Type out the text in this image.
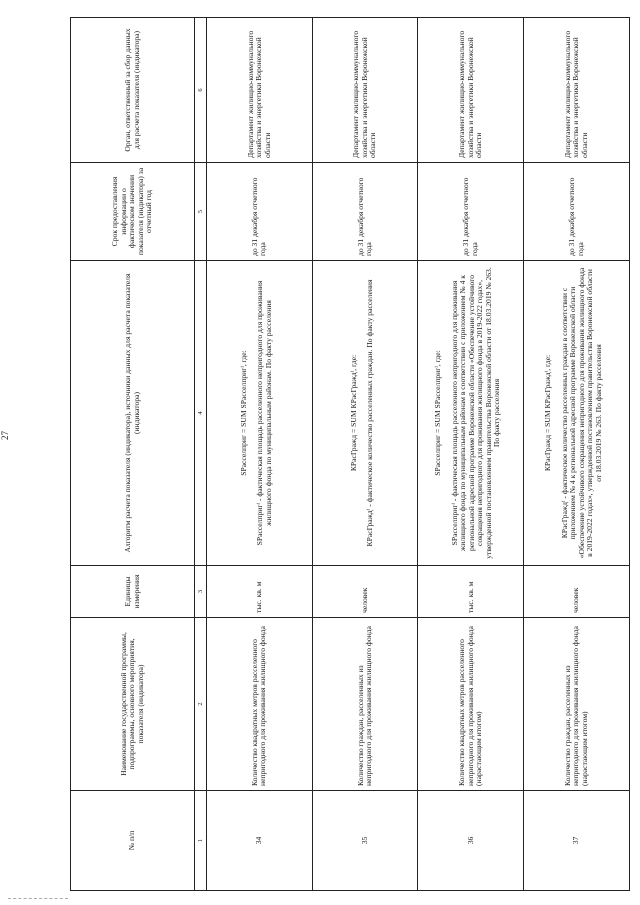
27
№ п/п	Наименование государственной программы, подпрограммы, основного мероприятия, показателя (индикатора)	Единицы измерения	Алгоритм расчета показателя (индикатора), источники данных для расчета показателя (индикатора)	Срок предоставления информации о фактическом значении показателя (индикатора) за отчетный год	Орган, ответственный за сбор данных для расчета показателя (индикатора)
1	2	3	4	5	6
34	Количество квадратных метров расселенного непригодного для проживания жилищного фонда	тыс. кв. м	SРасселприг = SUM SРасселпригⁱ, где: SРасселпригⁱ - фактическая площадь расселенного непригодного для проживания жилищного фонда по муниципальным районам. По факту расселения	до 31 декабря отчетного года	Департамент жилищно-коммунального хозяйства и энергетики Воронежской области
35	Количество граждан, расселенных из непригодного для проживания жилищного фонда	человек	КРасГражд = SUM КРасГраждⁱ, где: КРасГраждⁱ - фактическое количество расселенных граждан. По факту расселения	до 31 декабря отчетного года	Департамент жилищно-коммунального хозяйства и энергетики Воронежской области
36	Количество квадратных метров расселенного непригодного для проживания жилищного фонда (нарастающим итогом)	тыс. кв. м	SРасселприг = SUM SРасселпригⁱ, где: SРасселпригⁱ - фактическая площадь расселенного непригодного для проживания жилищного фонда по муниципальным районам в соответствии с приложением № 4 к региональной адресной программе Воронежской области «Обеспечение устойчивого сокращения непригодного для проживания жилищного фонда в 2019-2022 годах», утвержденной постановлением правительства Воронежской области от 18.03.2019 № 263. По факту расселения	до 31 декабря отчетного года	Департамент жилищно-коммунального хозяйства и энергетики Воронежской области
37	Количество граждан, расселенных из непригодного для проживания жилищного фонда (нарастающим итогом)	человек	КРасГражд = SUM КРасГраждⁱ, где: КРасГраждⁱ - фактическое количество расселенных граждан в соответствии с приложением № 4 к региональной адресной программе Воронежской области «Обеспечение устойчивого сокращения непригодного для проживания жилищного фонда в 2019-2022 годах», утвержденной постановлением правительства Воронежской области от 18.03.2019 № 263. По факту расселения	до 31 декабря отчетного года	Департамент жилищно-коммунального хозяйства и энергетики Воронежской области
